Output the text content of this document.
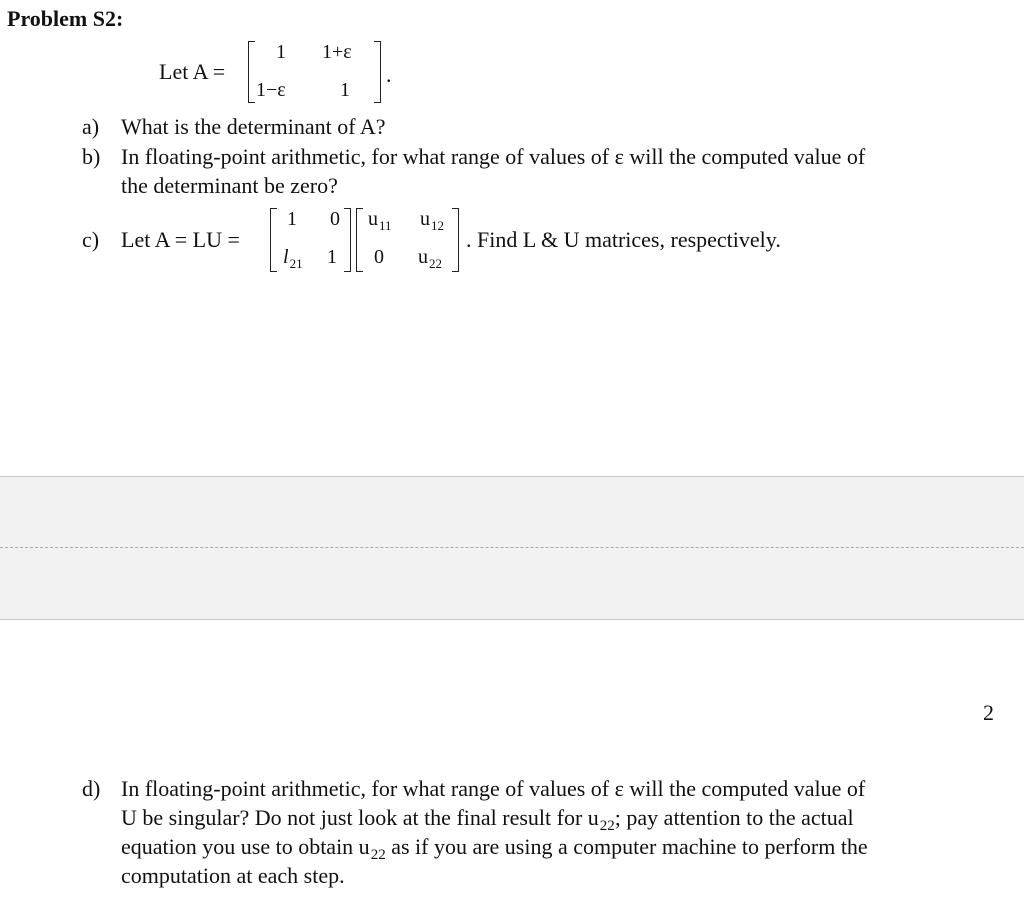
Problem S2:
Let A =
1 1+ε
1−ε	1
.
a) What is the determinant of A?
b) In floating-point arithmetic, for what range of values of ε will the computed value of
the determinant be zero?
c) Let A = LU =
1 0
$l_{21}$ 1
$u_{11}$ $u_{12}$
0 $u_{22}$
. Find L & U matrices, respectively.
2
d) In floating-point arithmetic, for what range of values of ε will the computed value of
U be singular? Do not just look at the final result for $u_{22}$; pay attention to the actual
equation you use to obtain $u_{22}$ as if you are using a computer machine to perform the
computation at each step.
